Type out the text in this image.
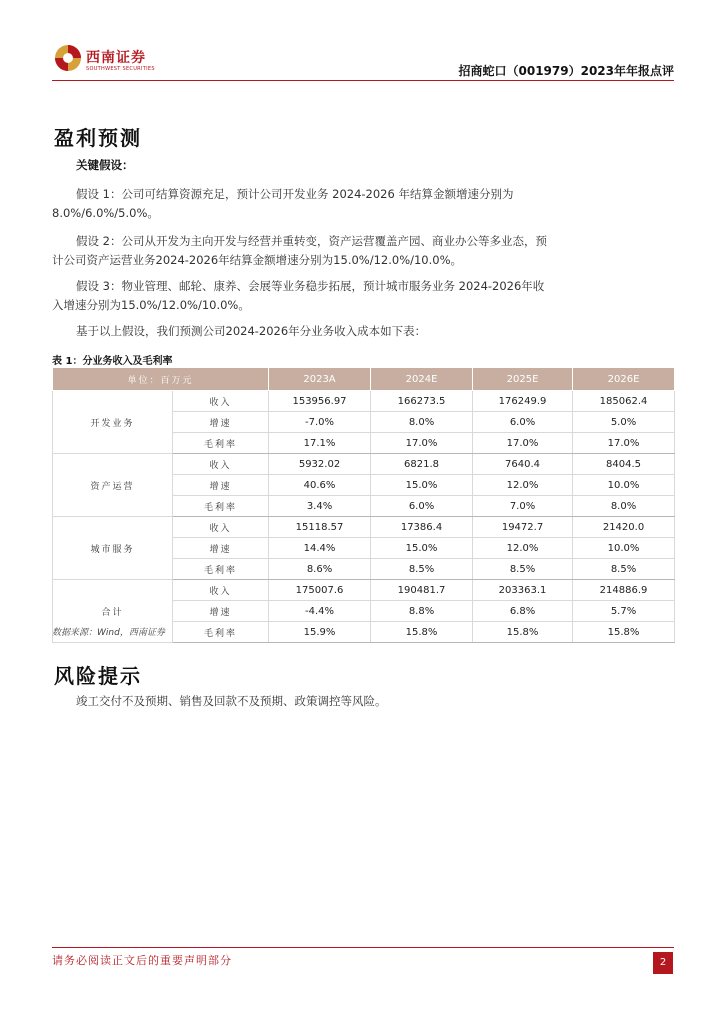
西南证券
SOUTHWEST SECURITIES	招商蛇口（001979）2023年年报点评
盈利预测
关键假设：
假设 1：公司可结算资源充足，预计公司开发业务 2024-2026 年结算金额增速分别为8.0%/6.0%/5.0%。
假设 2：公司从开发为主向开发与经营并重转变，资产运营覆盖产园、商业办公等多业态，预计公司资产运营业务2024-2026年结算金额增速分别为15.0%/12.0%/10.0%。
假设 3：物业管理、邮轮、康养、会展等业务稳步拓展，预计城市服务业务 2024-2026年收入增速分别为15.0%/12.0%/10.0%。
基于以上假设，我们预测公司2024-2026年分业务收入成本如下表：
表 1：分业务收入及毛利率
单位：百万元		2023A	2024E	2025E	2026E
开发业务	收入	153956.97	166273.5	176249.9	185062.4
	增速	-7.0%	8.0%	6.0%	5.0%
	毛利率	17.1%	17.0%	17.0%	17.0%
资产运营	收入	5932.02	6821.8	7640.4	8404.5
	增速	40.6%	15.0%	12.0%	10.0%
	毛利率	3.4%	6.0%	7.0%	8.0%
城市服务	收入	15118.57	17386.4	19472.7	21420.0
	增速	14.4%	15.0%	12.0%	10.0%
	毛利率	8.6%	8.5%	8.5%	8.5%
合计	收入	175007.6	190481.7	203363.1	214886.9
	增速	-4.4%	8.8%	6.8%	5.7%
	毛利率	15.9%	15.8%	15.8%	15.8%
数据来源：Wind，西南证券
风险提示
竣工交付不及预期、销售及回款不及预期、政策调控等风险。
请务必阅读正文后的重要声明部分	2
